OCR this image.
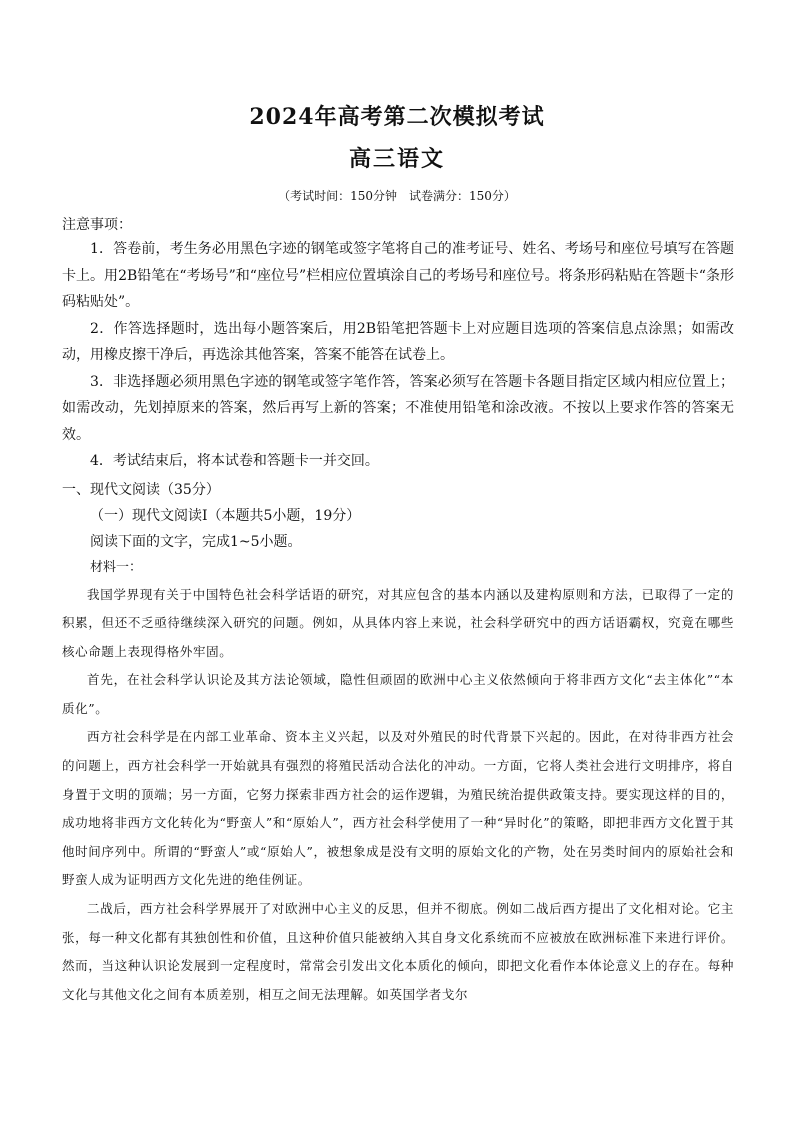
2024年高考第二次模拟考试
高三语文
（考试时间：150分钟　试卷满分：150分）

注意事项：

1．答卷前，考生务必用黑色字迹的钢笔或签字笔将自己的准考证号、姓名、考场号和座位号填写在答题卡上。用2B铅笔在“考场号”和“座位号”栏相应位置填涂自己的考场号和座位号。将条形码粘贴在答题卡“条形码粘贴处”。

2．作答选择题时，选出每小题答案后，用2B铅笔把答题卡上对应题目选项的答案信息点涂黑；如需改动，用橡皮擦干净后，再选涂其他答案，答案不能答在试卷上。

3．非选择题必须用黑色字迹的钢笔或签字笔作答，答案必须写在答题卡各题目指定区域内相应位置上；如需改动，先划掉原来的答案，然后再写上新的答案；不准使用铅笔和涂改液。不按以上要求作答的答案无效。

4．考试结束后，将本试卷和答题卡一并交回。

一、现代文阅读（35分）

（一）现代文阅读Ⅰ（本题共5小题，19分）

阅读下面的文字，完成1~5小题。

材料一：

我国学界现有关于中国特色社会科学话语的研究，对其应包含的基本内涵以及建构原则和方法，已取得了一定的积累，但还不乏亟待继续深入研究的问题。例如，从具体内容上来说，社会科学研究中的西方话语霸权，究竟在哪些核心命题上表现得格外牢固。

首先，在社会科学认识论及其方法论领域，隐性但顽固的欧洲中心主义依然倾向于将非西方文化“去主体化”“本质化”。

西方社会科学是在内部工业革命、资本主义兴起，以及对外殖民的时代背景下兴起的。因此，在对待非西方社会的问题上，西方社会科学一开始就具有强烈的将殖民活动合法化的冲动。一方面，它将人类社会进行文明排序，将自身置于文明的顶端；另一方面，它努力探索非西方社会的运作逻辑，为殖民统治提供政策支持。要实现这样的目的，成功地将非西方文化转化为“野蛮人”和“原始人”，西方社会科学使用了一种“异时化”的策略，即把非西方文化置于其他时间序列中。所谓的“野蛮人”或“原始人”，被想象成是没有文明的原始文化的产物，处在另类时间内的原始社会和野蛮人成为证明西方文化先进的绝佳例证。

二战后，西方社会科学界展开了对欧洲中心主义的反思，但并不彻底。例如二战后西方提出了文化相对论。它主张，每一种文化都有其独创性和价值，且这种价值只能被纳入其自身文化系统而不应被放在欧洲标准下来进行评价。然而，当这种认识论发展到一定程度时，常常会引发出文化本质化的倾向，即把文化看作本体论意义上的存在。每种文化与其他文化之间有本质差别，相互之间无法理解。如英国学者戈尔
